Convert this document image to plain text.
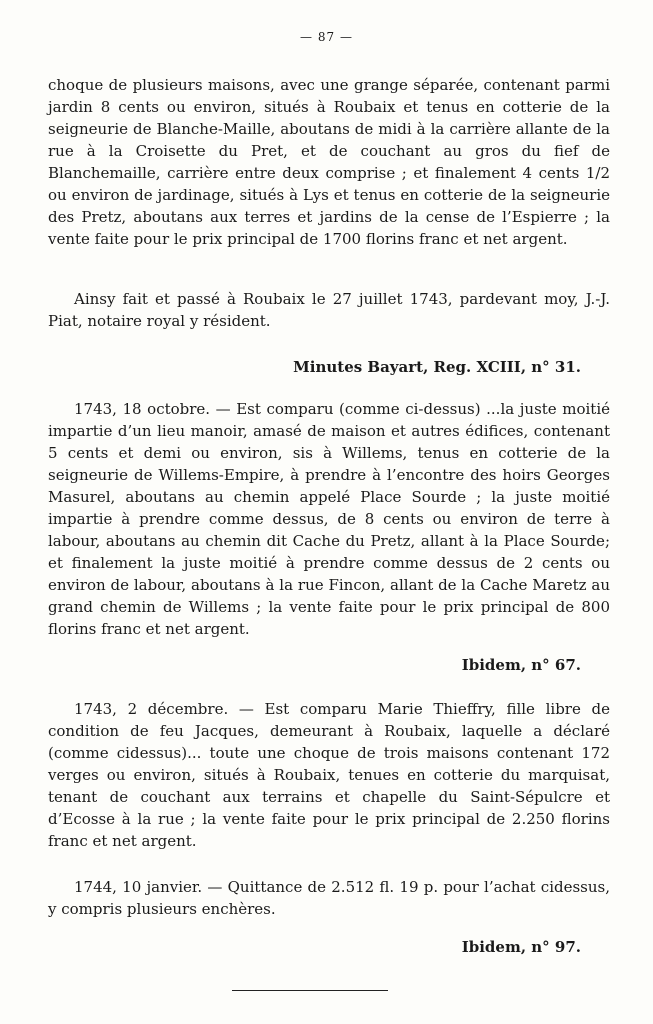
— 87 —

choque de plusieurs maisons, avec une grange séparée, contenant parmi jardin 8 cents ou environ, situés à Roubaix et tenus en cotterie de la seigneurie de Blanche-Maille, aboutans de midi à la carrière allante de la rue à la Croisette du Pret, et de couchant au gros du fief de Blanchemaille, carrière entre deux comprise ; et finalement 4 cents 1/2 ou environ de jardinage, situés à Lys et tenus en cotterie de la seigneurie des Pretz, aboutans aux terres et jardins de la cense de l’Espierre ; la vente faite pour le prix principal de 1700 florins franc et net argent.

Ainsy fait et passé à Roubaix le 27 juillet 1743, pardevant moy, J.-J. Piat, notaire royal y résident.

Minutes Bayart, Reg. XCIII, n° 31.

1743, 18 octobre. — Est comparu (comme ci-dessus) ...la juste moitié impartie d’un lieu manoir, amasé de maison et autres édifices, contenant 5 cents et demi ou environ, sis à Willems, tenus en cotterie de la seigneurie de Willems-Empire, à prendre à l’encontre des hoirs Georges Masurel, aboutans au chemin appelé Place Sourde ; la juste moitié impartie à prendre comme dessus, de 8 cents ou environ de terre à labour, aboutans au chemin dit Cache du Pretz, allant à la Place Sourde; et finalement la juste moitié à prendre comme dessus de 2 cents ou environ de labour, aboutans à la rue Fincon, allant de la Cache Maretz au grand chemin de Willems ; la vente faite pour le prix principal de 800 florins franc et net argent.

Ibidem, n° 67.

1743, 2 décembre. — Est comparu Marie Thieffry, fille libre de condition de feu Jacques, demeurant à Roubaix, laquelle a déclaré (comme cidessus)... toute une choque de trois maisons contenant 172 verges ou environ, situés à Roubaix, tenues en cotterie du marquisat, tenant de couchant aux terrains et chapelle du Saint-Sépulcre et d’Ecosse à la rue ; la vente faite pour le prix principal de 2.250 florins franc et net argent.

1744, 10 janvier. — Quittance de 2.512 fl. 19 p. pour l’achat cidessus, y compris plusieurs enchères.

Ibidem, n° 97.
